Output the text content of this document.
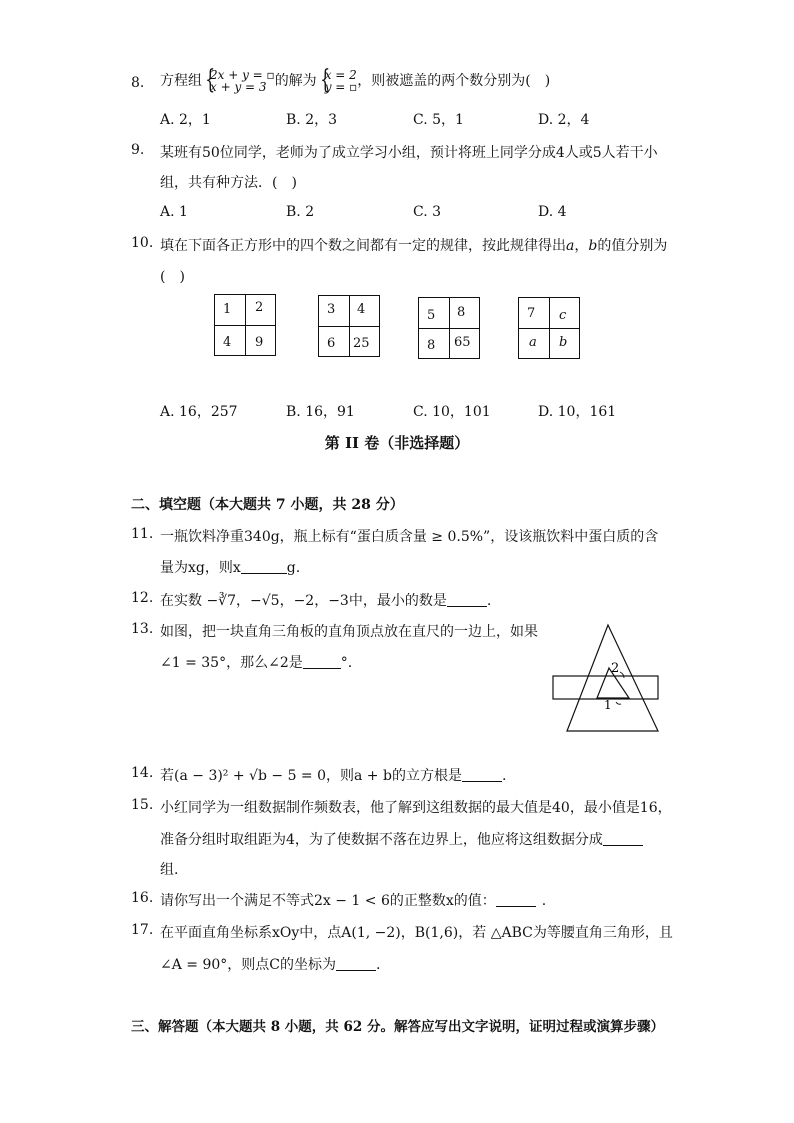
8.	方程组 {
2x + y = ▫
x + y = 3 的解为 {
x = 2
y = ▫ ，则被遮盖的两个数分别为(　)
A. 2，1	B. 2，3	C. 5，1	D. 2，4
9.	某班有50位同学，老师为了成立学习小组，预计将班上同学分成4人或5人若干小
组，共有种方法．(　)
A. 1	B. 2	C. 3	D. 4
10. 填在下面各正方形中的四个数之间都有一定的规律，按此规律得出a，b的值分别为
(　)
1 2
4 9
3 4
6 25
5 8
8 65
7 c
a b
A. 16，257	B. 16，91	C. 10，101	D. 10，161
第 II 卷（非选择题）
二、填空题（本大题共 7 小题，共 28 分）
11. 一瓶饮料净重340g，瓶上标有“蛋白质含量 ≥ 0.5%”，设该瓶饮料中蛋白质的含
量为xg，则x	g.
12. 在实数 −∛7，−√5，−2，−3中，最小的数是	.
13. 如图，把一块直角三角板的直角顶点放在直尺的一边上，如果
∠1 = 35°，那么∠2是	°.	2
1
14. 若(a − 3)² + √b − 5 = 0，则a + b的立方根是	.
15. 小红同学为一组数据制作频数表，他了解到这组数据的最大值是40，最小值是16，
准备分组时取组距为4，为了使数据不落在边界上，他应将这组数据分成
组.
16. 请你写出一个满足不等式2x − 1 < 6的正整数x的值：	.
17. 在平面直角坐标系xOy中，点A(1, −2)，B(1,6)，若 △ABC为等腰直角三角形，且
∠A = 90°，则点C的坐标为	.
三、解答题（本大题共 8 小题，共 62 分。解答应写出文字说明，证明过程或演算步骤）
